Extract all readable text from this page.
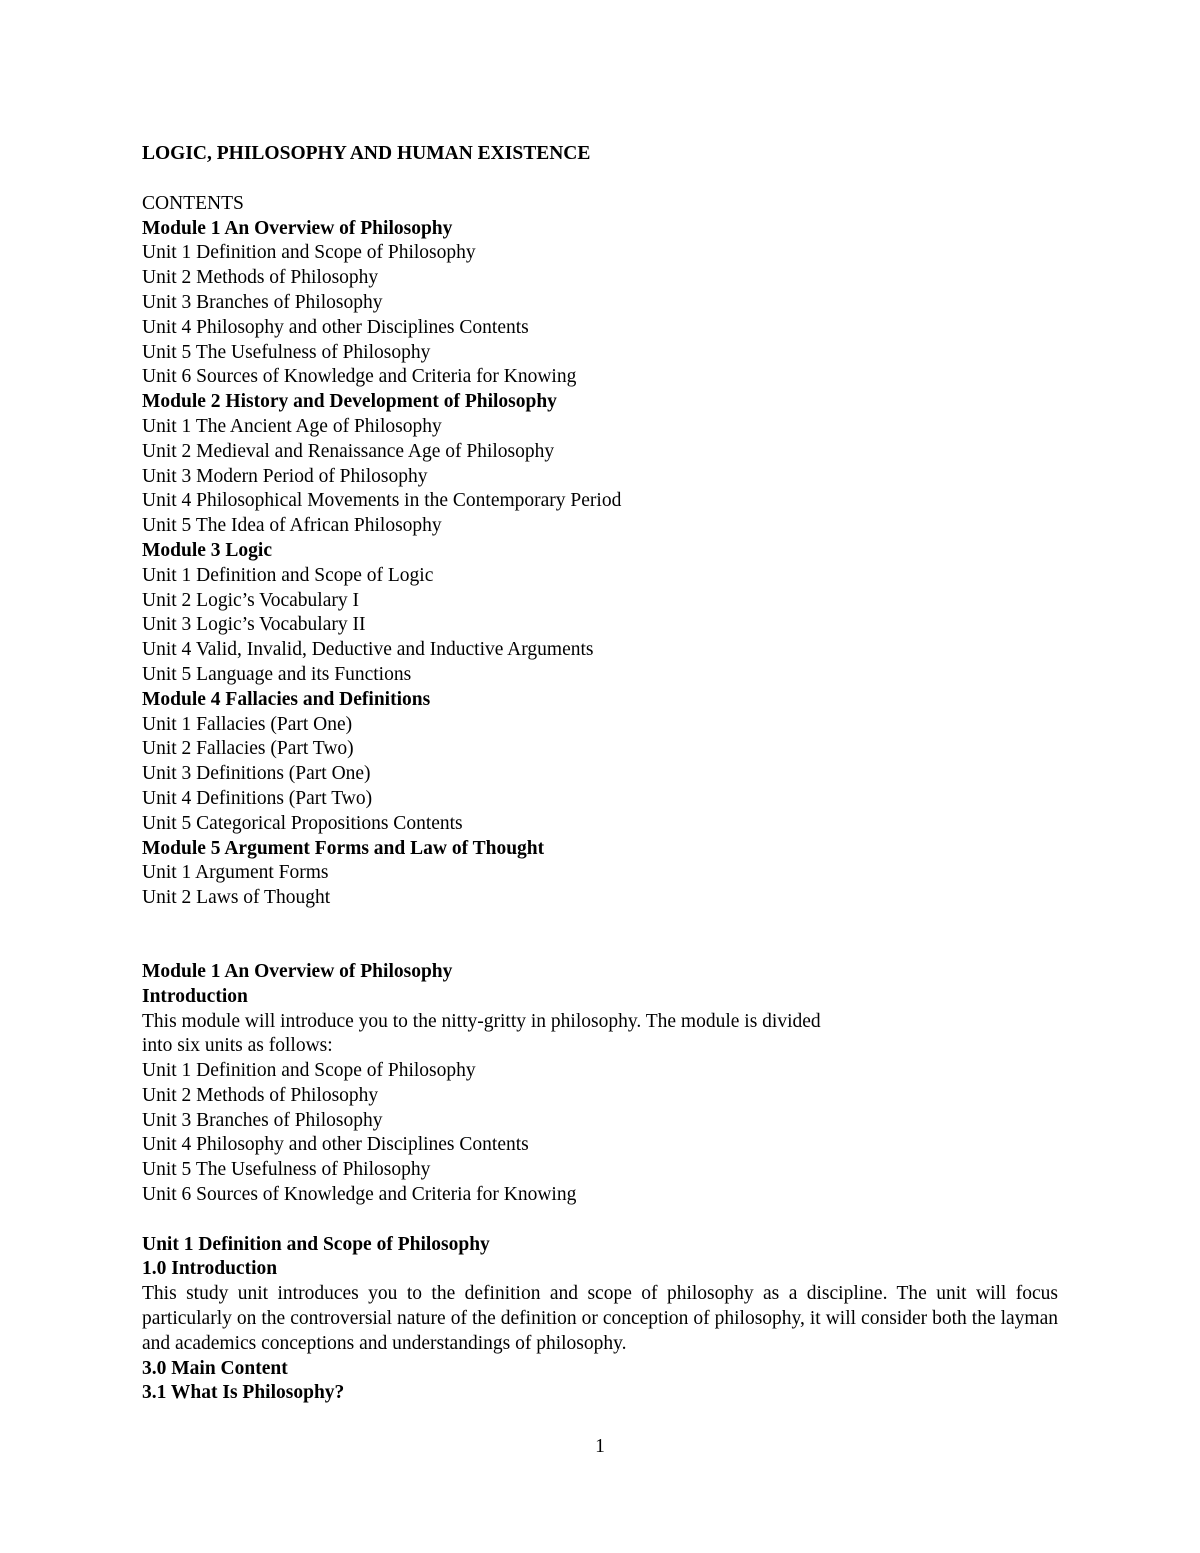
LOGIC, PHILOSOPHY AND HUMAN EXISTENCE
CONTENTS
Module 1 An Overview of Philosophy
Unit 1 Definition and Scope of Philosophy
Unit 2 Methods of Philosophy
Unit 3 Branches of Philosophy
Unit 4 Philosophy and other Disciplines Contents
Unit 5 The Usefulness of Philosophy
Unit 6 Sources of Knowledge and Criteria for Knowing
Module 2 History and Development of Philosophy
Unit 1 The Ancient Age of Philosophy
Unit 2 Medieval and Renaissance Age of Philosophy
Unit 3 Modern Period of Philosophy
Unit 4 Philosophical Movements in the Contemporary Period
Unit 5 The Idea of African Philosophy
Module 3 Logic
Unit 1 Definition and Scope of Logic
Unit 2 Logic’s Vocabulary I
Unit 3 Logic’s Vocabulary II
Unit 4 Valid, Invalid, Deductive and Inductive Arguments
Unit 5 Language and its Functions
Module 4 Fallacies and Definitions
Unit 1 Fallacies (Part One)
Unit 2 Fallacies (Part Two)
Unit 3 Definitions (Part One)
Unit 4 Definitions (Part Two)
Unit 5 Categorical Propositions Contents
Module 5 Argument Forms and Law of Thought
Unit 1 Argument Forms
Unit 2 Laws of Thought
Module 1 An Overview of Philosophy
Introduction
This module will introduce you to the nitty-gritty in philosophy. The module is divided into six units as follows:
Unit 1 Definition and Scope of Philosophy
Unit 2 Methods of Philosophy
Unit 3 Branches of Philosophy
Unit 4 Philosophy and other Disciplines Contents
Unit 5 The Usefulness of Philosophy
Unit 6 Sources of Knowledge and Criteria for Knowing
Unit 1 Definition and Scope of Philosophy
1.0 Introduction
This study unit introduces you to the definition and scope of philosophy as a discipline. The unit will focus particularly on the controversial nature of the definition or conception of philosophy, it will consider both the layman and academics conceptions and understandings of philosophy.
3.0 Main Content
3.1 What Is Philosophy?
1
